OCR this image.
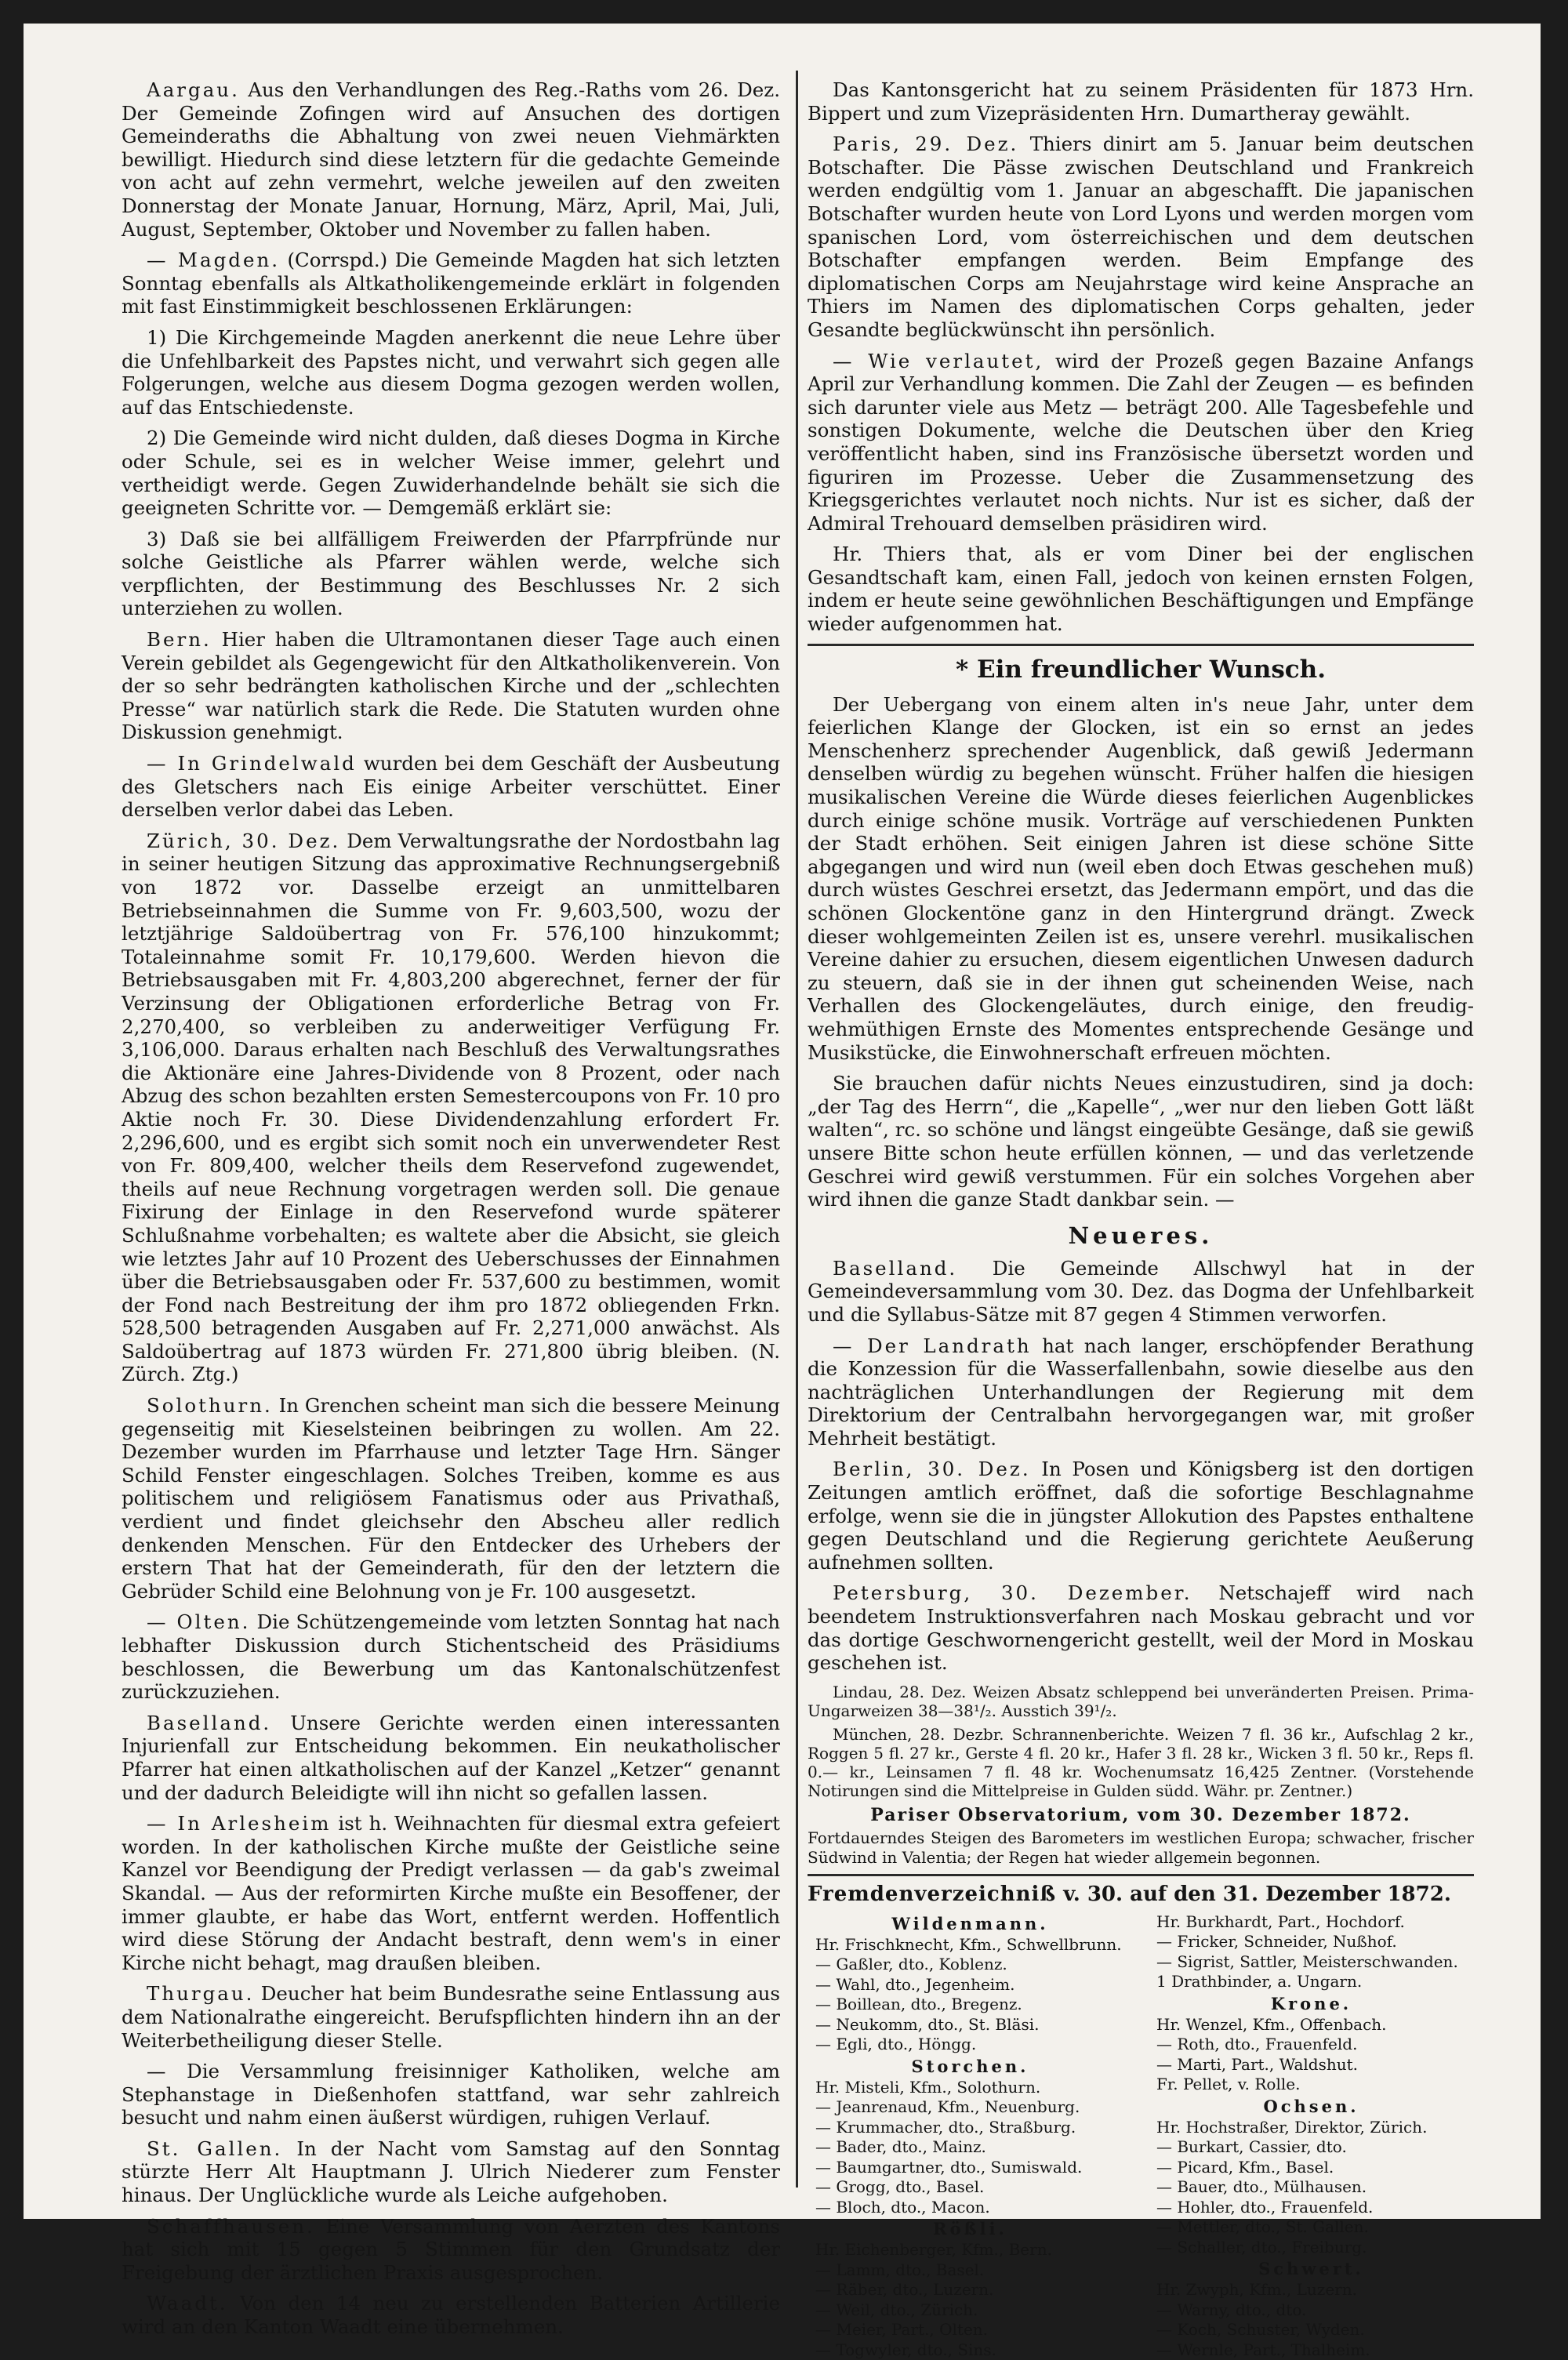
Aargau. Aus den Verhandlungen des Reg.-Raths vom 26. Dez. Der Gemeinde Zofingen wird auf Ansuchen des dortigen Gemeinderaths die Abhaltung von zwei neuen Viehmärkten bewilligt. Hiedurch sind diese letztern für die gedachte Gemeinde von acht auf zehn vermehrt, welche jeweilen auf den zweiten Donnerstag der Monate Januar, Hornung, März, April, Mai, Juli, August, September, Oktober und November zu fallen haben.

— Magden. (Corrspd.) Die Gemeinde Magden hat sich letzten Sonntag ebenfalls als Altkatholikengemeinde erklärt in folgenden mit fast Einstimmigkeit beschlossenen Erklärungen:

1) Die Kirchgemeinde Magden anerkennt die neue Lehre über die Unfehlbarkeit des Papstes nicht, und verwahrt sich gegen alle Folgerungen, welche aus diesem Dogma gezogen werden wollen, auf das Entschiedenste.

2) Die Gemeinde wird nicht dulden, daß dieses Dogma in Kirche oder Schule, sei es in welcher Weise immer, gelehrt und vertheidigt werde. Gegen Zuwiderhandelnde behält sie sich die geeigneten Schritte vor. — Demgemäß erklärt sie:

3) Daß sie bei allfälligem Freiwerden der Pfarrpfründe nur solche Geistliche als Pfarrer wählen werde, welche sich verpflichten, der Bestimmung des Beschlusses Nr. 2 sich unterziehen zu wollen.

Bern. Hier haben die Ultramontanen dieser Tage auch einen Verein gebildet als Gegengewicht für den Altkatholikenverein. Von der so sehr bedrängten katholischen Kirche und der „schlechten Presse“ war natürlich stark die Rede. Die Statuten wurden ohne Diskussion genehmigt.

— In Grindelwald wurden bei dem Geschäft der Ausbeutung des Gletschers nach Eis einige Arbeiter verschüttet. Einer derselben verlor dabei das Leben.

Zürich, 30. Dez. Dem Verwaltungsrathe der Nordostbahn lag in seiner heutigen Sitzung das approximative Rechnungsergebniß von 1872 vor. Dasselbe erzeigt an unmittelbaren Betriebseinnahmen die Summe von Fr. 9,603,500, wozu der letztjährige Saldoübertrag von Fr. 576,100 hinzukommt; Totaleinnahme somit Fr. 10,179,600. Werden hievon die Betriebsausgaben mit Fr. 4,803,200 abgerechnet, ferner der für Verzinsung der Obligationen erforderliche Betrag von Fr. 2,270,400, so verbleiben zu anderweitiger Verfügung Fr. 3,106,000. Daraus erhalten nach Beschluß des Verwaltungsrathes die Aktionäre eine Jahres-Dividende von 8 Prozent, oder nach Abzug des schon bezahlten ersten Semestercoupons von Fr. 10 pro Aktie noch Fr. 30. Diese Dividendenzahlung erfordert Fr. 2,296,600, und es ergibt sich somit noch ein unverwendeter Rest von Fr. 809,400, welcher theils dem Reservefond zugewendet, theils auf neue Rechnung vorgetragen werden soll. Die genaue Fixirung der Einlage in den Reservefond wurde späterer Schlußnahme vorbehalten; es waltete aber die Absicht, sie gleich wie letztes Jahr auf 10 Prozent des Ueberschusses der Einnahmen über die Betriebsausgaben oder Fr. 537,600 zu bestimmen, womit der Fond nach Bestreitung der ihm pro 1872 obliegenden Frkn. 528,500 betragenden Ausgaben auf Fr. 2,271,000 anwächst. Als Saldoübertrag auf 1873 würden Fr. 271,800 übrig bleiben. (N. Zürch. Ztg.)

Solothurn. In Grenchen scheint man sich die bessere Meinung gegenseitig mit Kieselsteinen beibringen zu wollen. Am 22. Dezember wurden im Pfarrhause und letzter Tage Hrn. Sänger Schild Fenster eingeschlagen. Solches Treiben, komme es aus politischem und religiösem Fanatismus oder aus Privathaß, verdient und findet gleichsehr den Abscheu aller redlich denkenden Menschen. Für den Entdecker des Urhebers der erstern That hat der Gemeinderath, für den der letztern die Gebrüder Schild eine Belohnung von je Fr. 100 ausgesetzt.

— Olten. Die Schützengemeinde vom letzten Sonntag hat nach lebhafter Diskussion durch Stichentscheid des Präsidiums beschlossen, die Bewerbung um das Kantonalschützenfest zurückzuziehen.

Baselland. Unsere Gerichte werden einen interessanten Injurienfall zur Entscheidung bekommen. Ein neukatholischer Pfarrer hat einen altkatholischen auf der Kanzel „Ketzer“ genannt und der dadurch Beleidigte will ihn nicht so gefallen lassen.

— In Arlesheim ist h. Weihnachten für diesmal extra gefeiert worden. In der katholischen Kirche mußte der Geistliche seine Kanzel vor Beendigung der Predigt verlassen — da gab's zweimal Skandal. — Aus der reformirten Kirche mußte ein Besoffener, der immer glaubte, er habe das Wort, entfernt werden. Hoffentlich wird diese Störung der Andacht bestraft, denn wem's in einer Kirche nicht behagt, mag draußen bleiben.

Thurgau. Deucher hat beim Bundesrathe seine Entlassung aus dem Nationalrathe eingereicht. Berufspflichten hindern ihn an der Weiterbetheiligung dieser Stelle.

— Die Versammlung freisinniger Katholiken, welche am Stephanstage in Dießenhofen stattfand, war sehr zahlreich besucht und nahm einen äußerst würdigen, ruhigen Verlauf.

St. Gallen. In der Nacht vom Samstag auf den Sonntag stürzte Herr Alt Hauptmann J. Ulrich Niederer zum Fenster hinaus. Der Unglückliche wurde als Leiche aufgehoben.

Schaffhausen. Eine Versammlung von Aerzten des Kantons hat sich mit 15 gegen 5 Stimmen für den Grundsatz der Freigebung der ärztlichen Praxis ausgesprochen.

Waadt. Von den 14 neu zu erstellenden Batterien Artillerie wird an den Kanton Waadt eine übernehmen.

Das Kantonsgericht hat zu seinem Präsidenten für 1873 Hrn. Bippert und zum Vizepräsidenten Hrn. Dumartheray gewählt.

Paris, 29. Dez. Thiers dinirt am 5. Januar beim deutschen Botschafter. Die Pässe zwischen Deutschland und Frankreich werden endgültig vom 1. Januar an abgeschafft. Die japanischen Botschafter wurden heute von Lord Lyons und werden morgen vom spanischen Lord, vom österreichischen und dem deutschen Botschafter empfangen werden. Beim Empfange des diplomatischen Corps am Neujahrstage wird keine Ansprache an Thiers im Namen des diplomatischen Corps gehalten, jeder Gesandte beglückwünscht ihn persönlich.

— Wie verlautet, wird der Prozeß gegen Bazaine Anfangs April zur Verhandlung kommen. Die Zahl der Zeugen — es befinden sich darunter viele aus Metz — beträgt 200. Alle Tagesbefehle und sonstigen Dokumente, welche die Deutschen über den Krieg veröffentlicht haben, sind ins Französische übersetzt worden und figuriren im Prozesse. Ueber die Zusammensetzung des Kriegsgerichtes verlautet noch nichts. Nur ist es sicher, daß der Admiral Trehouard demselben präsidiren wird.

Hr. Thiers that, als er vom Diner bei der englischen Gesandtschaft kam, einen Fall, jedoch von keinen ernsten Folgen, indem er heute seine gewöhnlichen Beschäftigungen und Empfänge wieder aufgenommen hat.

* Ein freundlicher Wunsch.

Der Uebergang von einem alten in's neue Jahr, unter dem feierlichen Klange der Glocken, ist ein so ernst an jedes Menschenherz sprechender Augenblick, daß gewiß Jedermann denselben würdig zu begehen wünscht. Früher halfen die hiesigen musikalischen Vereine die Würde dieses feierlichen Augenblickes durch einige schöne musik. Vorträge auf verschiedenen Punkten der Stadt erhöhen. Seit einigen Jahren ist diese schöne Sitte abgegangen und wird nun (weil eben doch Etwas geschehen muß) durch wüstes Geschrei ersetzt, das Jedermann empört, und das die schönen Glockentöne ganz in den Hintergrund drängt. Zweck dieser wohlgemeinten Zeilen ist es, unsere verehrl. musikalischen Vereine dahier zu ersuchen, diesem eigentlichen Unwesen dadurch zu steuern, daß sie in der ihnen gut scheinenden Weise, nach Verhallen des Glockengeläutes, durch einige, den freudig-wehmüthigen Ernste des Momentes entsprechende Gesänge und Musikstücke, die Einwohnerschaft erfreuen möchten.

Sie brauchen dafür nichts Neues einzustudiren, sind ja doch: „der Tag des Herrn“, die „Kapelle“, „wer nur den lieben Gott läßt walten“, rc. so schöne und längst eingeübte Gesänge, daß sie gewiß unsere Bitte schon heute erfüllen können, — und das verletzende Geschrei wird gewiß verstummen. Für ein solches Vorgehen aber wird ihnen die ganze Stadt dankbar sein. —

Neueres.

Baselland. Die Gemeinde Allschwyl hat in der Gemeindeversammlung vom 30. Dez. das Dogma der Unfehlbarkeit und die Syllabus-Sätze mit 87 gegen 4 Stimmen verworfen.

— Der Landrath hat nach langer, erschöpfender Berathung die Konzession für die Wasserfallenbahn, sowie dieselbe aus den nachträglichen Unterhandlungen der Regierung mit dem Direktorium der Centralbahn hervorgegangen war, mit großer Mehrheit bestätigt.

Berlin, 30. Dez. In Posen und Königsberg ist den dortigen Zeitungen amtlich eröffnet, daß die sofortige Beschlagnahme erfolge, wenn sie die in jüngster Allokution des Papstes enthaltene gegen Deutschland und die Regierung gerichtete Aeußerung aufnehmen sollten.

Petersburg, 30. Dezember. Netschajeff wird nach beendetem Instruktionsverfahren nach Moskau gebracht und vor das dortige Geschwornengericht gestellt, weil der Mord in Moskau geschehen ist.

Lindau, 28. Dez. Weizen Absatz schleppend bei unveränderten Preisen. Prima-Ungarweizen 38—38¹/₂. Ausstich 39¹/₂.

München, 28. Dezbr. Schrannenberichte. Weizen 7 fl. 36 kr., Aufschlag 2 kr., Roggen 5 fl. 27 kr., Gerste 4 fl. 20 kr., Hafer 3 fl. 28 kr., Wicken 3 fl. 50 kr., Reps fl. 0.— kr., Leinsamen 7 fl. 48 kr. Wochenumsatz 16,425 Zentner. (Vorstehende Notirungen sind die Mittelpreise in Gulden südd. Währ. pr. Zentner.)

Pariser Observatorium, vom 30. Dezember 1872.

Fortdauerndes Steigen des Barometers im westlichen Europa; schwacher, frischer Südwind in Valentia; der Regen hat wieder allgemein begonnen.

Fremdenverzeichniß v. 30. auf den 31. Dezember 1872.
Wildenmann.
Hr. Frischknecht, Kfm., Schwellbrunn.
— Gaßler, dto., Koblenz.
— Wahl, dto., Jegenheim.
— Boillean, dto., Bregenz.
— Neukomm, dto., St. Bläsi.
— Egli, dto., Höngg.
Storchen.
Hr. Misteli, Kfm., Solothurn.
— Jeanrenaud, Kfm., Neuenburg.
— Krummacher, dto., Straßburg.
— Bader, dto., Mainz.
— Baumgartner, dto., Sumiswald.
— Grogg, dto., Basel.
— Bloch, dto., Macon.
Rößli.
Hr. Eichenberger, Kfm., Bern.
— Lamm, dto., Basel.
— Räber, dto., Luzern.
— Weil, dto., Zürich.
— Meier, Part., Olten.
— Togwyler, dto., Sins.
Hr. Burkhardt, Part., Hochdorf.
— Fricker, Schneider, Nußhof.
— Sigrist, Sattler, Meisterschwanden.
1 Drathbinder, a. Ungarn.
Krone.
Hr. Wenzel, Kfm., Offenbach.
— Roth, dto., Frauenfeld.
— Marti, Part., Waldshut.
Fr. Pellet, v. Rolle.
Ochsen.
Hr. Hochstraßer, Direktor, Zürich.
— Burkart, Cassier, dto.
— Picard, Kfm., Basel.
— Bauer, dto., Mülhausen.
— Hohler, dto., Frauenfeld.
— Mettler, dto., St. Gallen.
— Schaller, dto., Freiburg.
Schwert.
Hr. Zwyph, Kfm., Luzern.
— Warny, dto., dto.
— Koch, Schuster, Wyden.
— Wernle, Part., Thalheim.
